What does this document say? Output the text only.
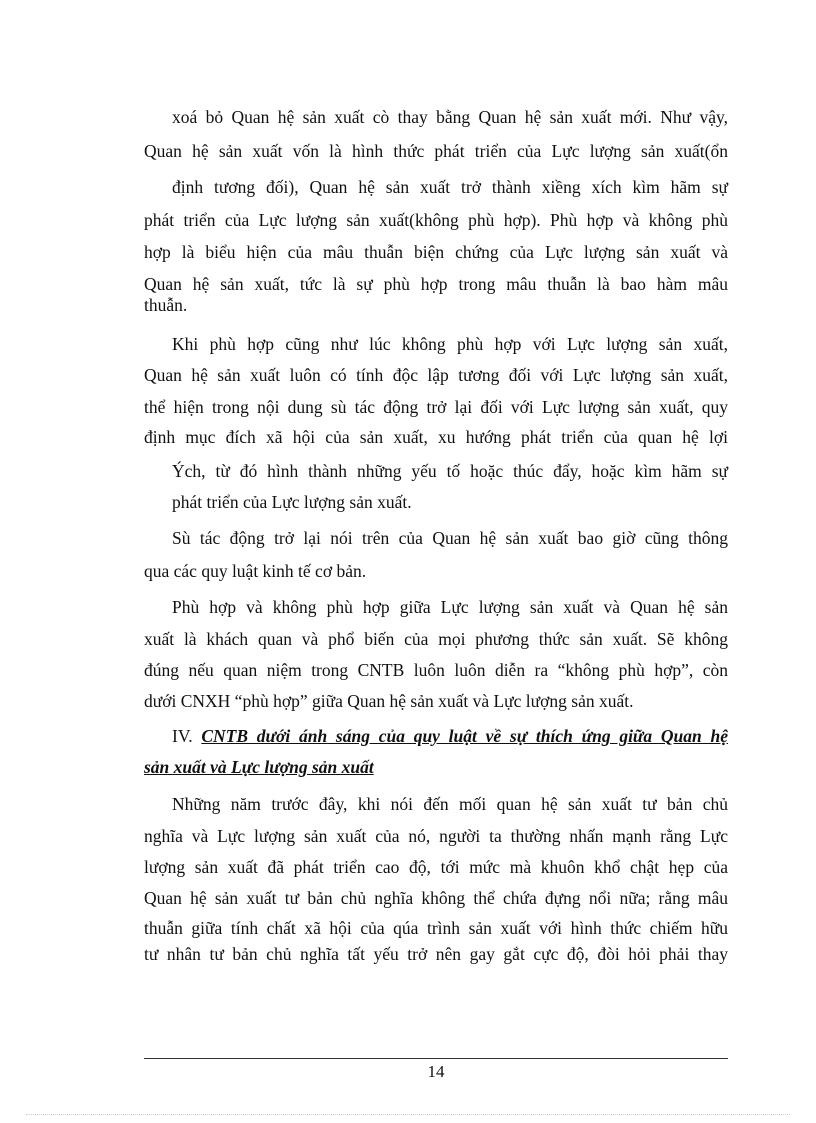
xoá bỏ Quan hệ sản xuất cò thay bằng Quan hệ sản xuất mới. Như vậy,
Quan hệ sản xuất vốn là hình thức phát triển của Lực lượng sản xuất(ổn
định tương đối), Quan hệ sản xuất trở thành xiềng xích kìm hãm sự
phát triển của Lực lượng sản xuất(không phù hợp). Phù hợp và không phù
hợp là biểu hiện của mâu thuẫn biện chứng của Lực lượng sản xuất và
Quan hệ sản xuất, tức là sự phù hợp trong mâu thuẫn là bao hàm mâu
thuẫn.
Khi phù hợp cũng như lúc không phù hợp với Lực lượng sản xuất,
Quan hệ sản xuất luôn có tính độc lập tương đối với Lực lượng sản xuất,
thể hiện trong nội dung sù tác động trở lại đối với Lực lượng sản xuất, quy
định mục đích xã hội của sản xuất, xu hướng phát triển của quan hệ lợi
Ých, từ đó hình thành những yếu tố hoặc thúc đẩy, hoặc kìm hãm sự
phát triển của Lực lượng sản xuất.
Sù tác động trở lại nói trên của Quan hệ sản xuất bao giờ cũng thông
qua các quy luật kinh tế cơ bản.
Phù hợp và không phù hợp giữa Lực lượng sản xuất và Quan hệ sản
xuất là khách quan và phổ biến của mọi phương thức sản xuất. Sẽ không
đúng nếu quan niệm trong CNTB luôn luôn diễn ra “không phù hợp”, còn
dưới CNXH “phù hợp” giữa Quan hệ sản xuất và Lực lượng sản xuất.
IV. CNTB dưới ánh sáng của quy luật về sự thích ứng giữa Quan hệ
sản xuất và Lực lượng sản xuất
Những năm trước đây, khi nói đến mối quan hệ sản xuất tư bản chủ
nghĩa và Lực lượng sản xuất của nó, người ta thường nhấn mạnh rằng Lực
lượng sản xuất đã phát triển cao độ, tới mức mà khuôn khổ chật hẹp của
Quan hệ sản xuất tư bản chủ nghĩa không thể chứa đựng nổi nữa; rằng mâu
thuẫn giữa tính chất xã hội của qúa trình sản xuất với hình thức chiếm hữu
tư nhân tư bản chủ nghĩa tất yếu trở nên gay gắt cực độ, đòi hỏi phải thay
14
